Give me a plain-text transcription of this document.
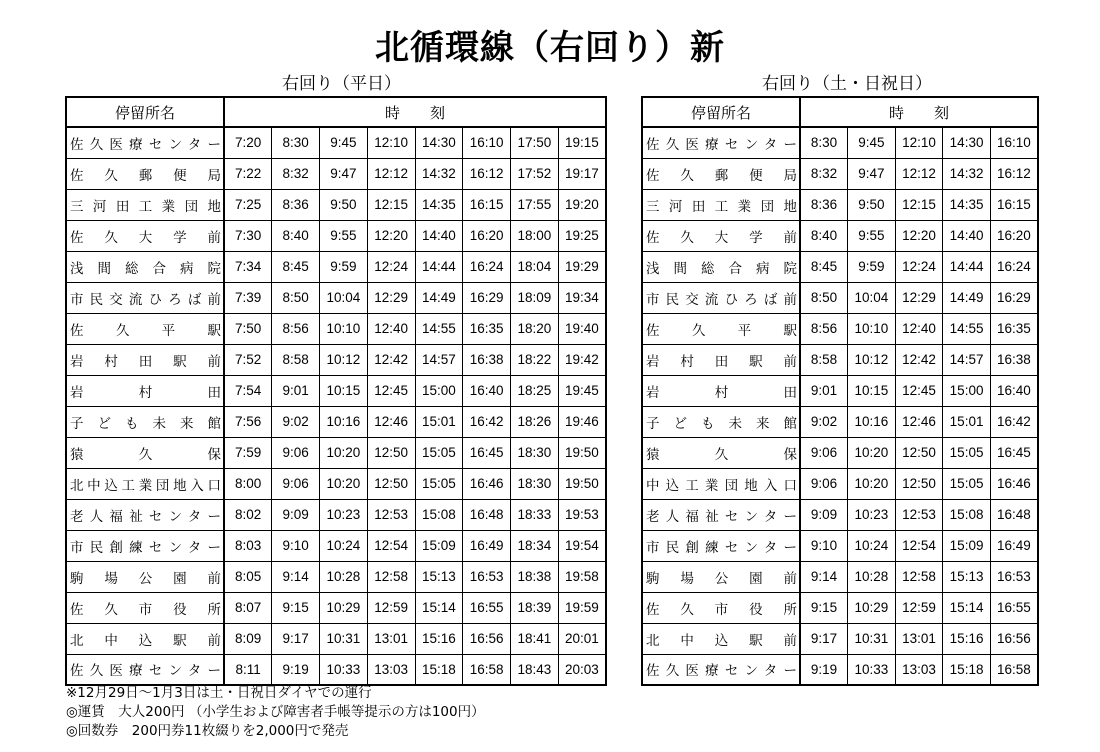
北循環線（右回り）新
右回り（平日）	右回り（土・日祝日）
停留所名	時　　刻							
佐久医療センター	7:20	8:30	9:45	12:10	14:30	16:10	17:50	19:15
佐久郵便局	7:22	8:32	9:47	12:12	14:32	16:12	17:52	19:17
三河田工業団地	7:25	8:36	9:50	12:15	14:35	16:15	17:55	19:20
佐久大学前	7:30	8:40	9:55	12:20	14:40	16:20	18:00	19:25
浅間総合病院	7:34	8:45	9:59	12:24	14:44	16:24	18:04	19:29
市民交流ひろば前	7:39	8:50	10:04	12:29	14:49	16:29	18:09	19:34
佐久平駅	7:50	8:56	10:10	12:40	14:55	16:35	18:20	19:40
岩村田駅前	7:52	8:58	10:12	12:42	14:57	16:38	18:22	19:42
岩村田	7:54	9:01	10:15	12:45	15:00	16:40	18:25	19:45
子ども未来館	7:56	9:02	10:16	12:46	15:01	16:42	18:26	19:46
猿久保	7:59	9:06	10:20	12:50	15:05	16:45	18:30	19:50
北中込工業団地入口	8:00	9:06	10:20	12:50	15:05	16:46	18:30	19:50
老人福祉センター	8:02	9:09	10:23	12:53	15:08	16:48	18:33	19:53
市民創練センター	8:03	9:10	10:24	12:54	15:09	16:49	18:34	19:54
駒場公園前	8:05	9:14	10:28	12:58	15:13	16:53	18:38	19:58
佐久市役所	8:07	9:15	10:29	12:59	15:14	16:55	18:39	19:59
北中込駅前	8:09	9:17	10:31	13:01	15:16	16:56	18:41	20:01
佐久医療センター	8:11	9:19	10:33	13:03	15:18	16:58	18:43	20:03
停留所名	時　　刻				
佐久医療センター	8:30	9:45	12:10	14:30	16:10
佐久郵便局	8:32	9:47	12:12	14:32	16:12
三河田工業団地	8:36	9:50	12:15	14:35	16:15
佐久大学前	8:40	9:55	12:20	14:40	16:20
浅間総合病院	8:45	9:59	12:24	14:44	16:24
市民交流ひろば前	8:50	10:04	12:29	14:49	16:29
佐久平駅	8:56	10:10	12:40	14:55	16:35
岩村田駅前	8:58	10:12	12:42	14:57	16:38
岩村田	9:01	10:15	12:45	15:00	16:40
子ども未来館	9:02	10:16	12:46	15:01	16:42
猿久保	9:06	10:20	12:50	15:05	16:45
中込工業団地入口	9:06	10:20	12:50	15:05	16:46
老人福祉センター	9:09	10:23	12:53	15:08	16:48
市民創練センター	9:10	10:24	12:54	15:09	16:49
駒場公園前	9:14	10:28	12:58	15:13	16:53
佐久市役所	9:15	10:29	12:59	15:14	16:55
北中込駅前	9:17	10:31	13:01	15:16	16:56
佐久医療センター	9:19	10:33	13:03	15:18	16:58
※12月29日～1月3日は土・日祝日ダイヤでの運行
◎運賃　大人200円 （小学生および障害者手帳等提示の方は100円）
◎回数券　200円券11枚綴りを2,000円で発売
